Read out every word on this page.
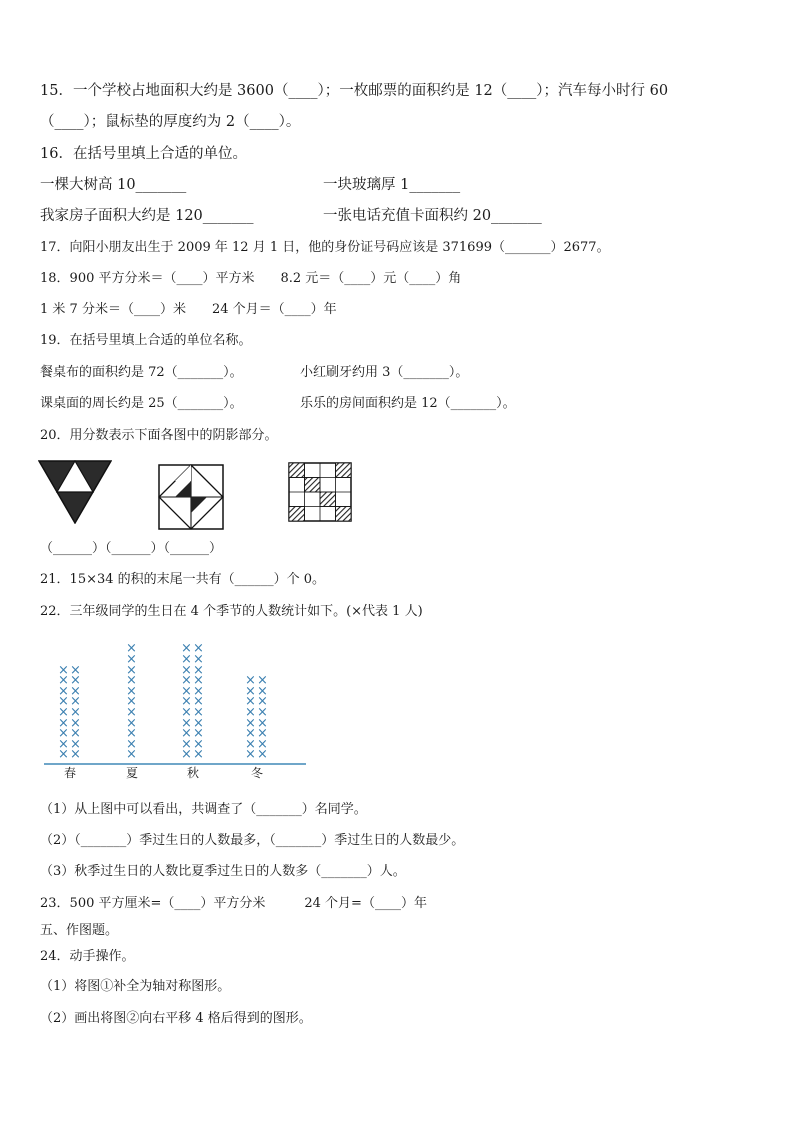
15．一个学校占地面积大约是 3600（____）；一枚邮票的面积约是 12（____）；汽车每小时行 60
（____）；鼠标垫的厚度约为 2（____）。
16．在括号里填上合适的单位。
一棵大树高 10_______	一块玻璃厚 1_______
我家房子面积大约是 120_______	一张电话充值卡面积约 20_______
17．向阳小朋友出生于 2009 年 12 月 1 日，他的身份证号码应该是 371699（_______）2677。
18．900 平方分米＝（____）平方米　　8.2 元＝（____）元（____）角
1 米 7 分米＝（____）米　　24 个月＝（____）年
19．在括号里填上合适的单位名称。
餐桌布的面积约是 72（_______）。	小红刷牙约用 3（_______）。
课桌面的周长约是 25（_______）。	乐乐的房间面积约是 12（_______）。
20．用分数表示下面各图中的阴影部分。
（______）（______）（______）
21．15×34 的积的末尾一共有（______）个 0。
22．三年级同学的生日在 4 个季节的人数统计如下。(×代表 1 人)
×
×
×
×
×
×
×
×
×
×
×
×
×
×
×
×
×
×
春
×
×
×
×
×
×
×
×
×
×
×
夏
×
×
×
×
×
×
×
×
×
×
×
×
×
×
×
×
×
×
×
×
×
×
秋
×
×
×
×
×
×
×
×
×
×
×
×
×
×
×
×
冬
（1）从上图中可以看出，共调查了（_______）名同学。
（2）（_______）季过生日的人数最多，（_______）季过生日的人数最少。
（3）秋季过生日的人数比夏季过生日的人数多（_______）人。
23．500 平方厘米=（____）平方分米　　　24 个月=（____）年
五、作图题。
24．动手操作。
（1）将图①补全为轴对称图形。
（2）画出将图②向右平移 4 格后得到的图形。
